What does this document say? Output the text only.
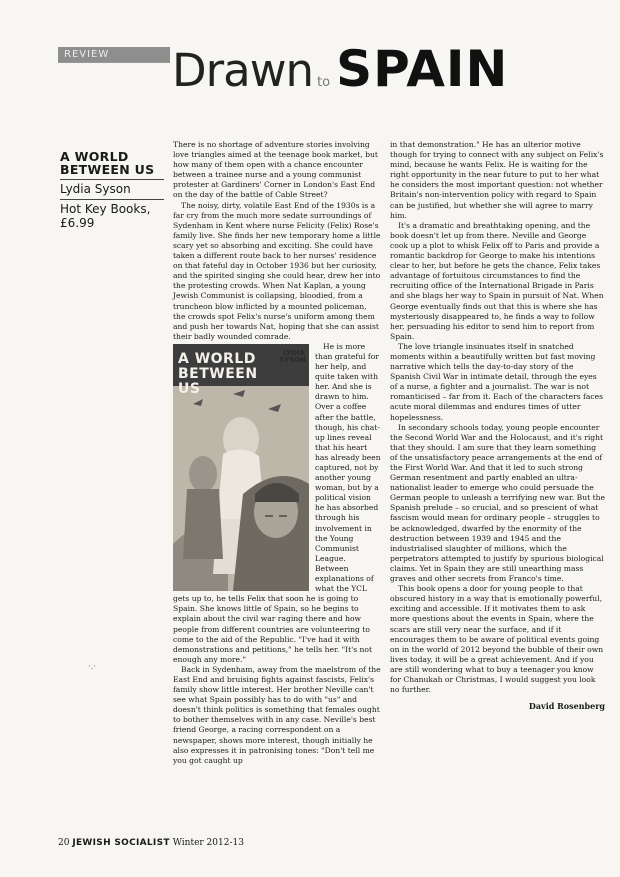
REVIEW	Drawn to SPAIN
A WORLD
BETWEEN US
Lydia Syson
Hot Key Books,
£6.99
·.·

There is no shortage of adventure stories involving love triangles aimed at the teenage book market, but how many of them open with a chance encounter between a trainee nurse and a young communist protester at Gardiners' Corner in London's East End on the day of the battle of Cable Street?

The noisy, dirty, volatile East End of the 1930s is a far cry from the much more sedate surroundings of Sydenham in Kent where nurse Felicity (Felix) Rose's family live. She finds her new temporary home a little scary yet so absorbing and exciting. She could have taken a different route back to her nurses' residence on that fateful day in October 1936 but her curiosity, and the spirited singing she could hear, drew her into the protesting crowds. When Nat Kaplan, a young Jewish Communist is collapsing, bloodied, from a truncheon blow inflicted by a mounted policeman, the crowds spot Felix's nurse's uniform among them and push her towards Nat, hoping that she can assist their badly wounded comrade.

A WORLD BETWEEN US
LYDIA SYSON

He is more than grateful for her help, and quite taken with her. And she is drawn to him. Over a coffee after the battle, though, his chat-up lines reveal that his heart has already been captured, not by another young woman, but by a political vision he has absorbed through his involvement in the Young Communist League. Between explanations of what the YCL gets up to, he tells Felix that soon he is going to Spain. She knows little of Spain, so he begins to explain about the civil war raging there and how people from different countries are volunteering to come to the aid of the Republic. "I've had it with demonstrations and petitions," he tells her. "It's not enough any more."

Back in Sydenham, away from the maelstrom of the East End and bruising fights against fascists, Felix's family show little interest. Her brother Neville can't see what Spain possibly has to do with "us" and doesn't think politics is something that females ought to bother themselves with in any case. Neville's best friend George, a racing correspondent on a newspaper, shows more interest, though initially he also expresses it in patronising tones: "Don't tell me you got caught up

in that demonstration." He has an ulterior motive though for trying to connect with any subject on Felix's mind, because he wants Felix. He is waiting for the right opportunity in the near future to put to her what he considers the most important question: not whether Britain's non-intervention policy with regard to Spain can be justified, but whether she will agree to marry him.

It's a dramatic and breathtaking opening, and the book doesn't let up from there. Neville and George cook up a plot to whisk Felix off to Paris and provide a romantic backdrop for George to make his intentions clear to her, but before he gets the chance, Felix takes advantage of fortuitous circumstances to find the recruiting office of the International Brigade in Paris and she blags her way to Spain in pursuit of Nat. When George eventually finds out that this is where she has mysteriously disappeared to, he finds a way to follow her, persuading his editor to send him to report from Spain.

The love triangle insinuates itself in snatched moments within a beautifully written but fast moving narrative which tells the day-to-day story of the Spanish Civil War in intimate detail, through the eyes of a nurse, a fighter and a journalist. The war is not romanticised – far from it. Each of the characters faces acute moral dilemmas and endures times of utter hopelessness.

In secondary schools today, young people encounter the Second World War and the Holocaust, and it's right that they should. I am sure that they learn something of the unsatisfactory peace arrangements at the end of the First World War. And that it led to such strong German resentment and partly enabled an ultra-nationalist leader to emerge who could persuade the German people to unleash a terrifying new war. But the Spanish prelude – so crucial, and so prescient of what fascism would mean for ordinary people – struggles to be acknowledged, dwarfed by the enormity of the destruction between 1939 and 1945 and the industrialised slaughter of millions, which the perpetrators attempted to justify by spurious biological claims. Yet in Spain they are still unearthing mass graves and other secrets from Franco's time.

This book opens a door for young people to that obscured history in a way that is emotionally powerful, exciting and accessible. If it motivates them to ask more questions about the events in Spain, where the scars are still very near the surface, and if it encourages them to be aware of political events going on in the world of 2012 beyond the bubble of their own lives today, it will be a great achievement. And if you are still wondering what to buy a teenager you know for Chanukah or Christmas, I would suggest you look no further.

David Rosenberg
20 JEWISH SOCIALIST Winter 2012-13
